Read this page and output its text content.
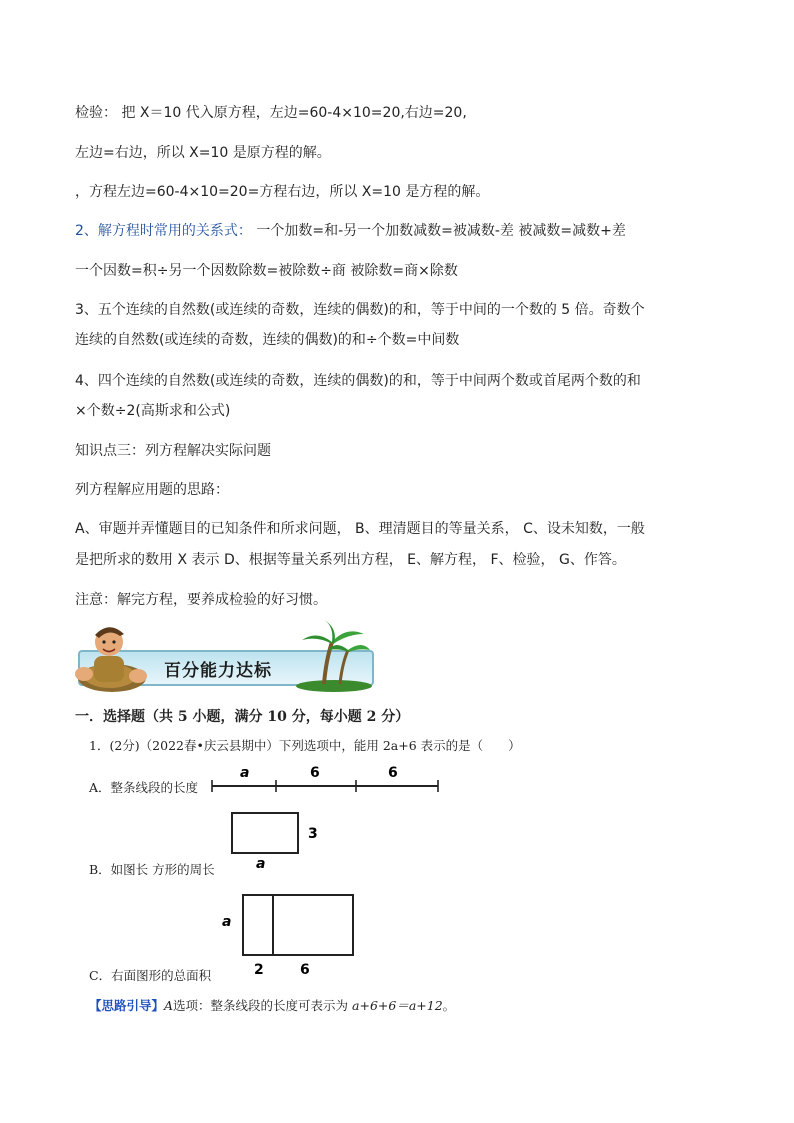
检验： 把 X＝10 代入原方程，左边=60-4×10=20,右边=20,
左边=右边，所以 X=10 是原方程的解。
，方程左边=60-4×10=20=方程右边，所以 X=10 是方程的解。
2、解方程时常用的关系式： 一个加数=和-另一个加数减数=被减数-差 被减数=减数+差
一个因数=积÷另一个因数除数=被除数÷商 被除数=商×除数
3、五个连续的自然数(或连续的奇数，连续的偶数)的和，等于中间的一个数的 5 倍。奇数个
连续的自然数(或连续的奇数，连续的偶数)的和÷个数=中间数
4、四个连续的自然数(或连续的奇数，连续的偶数)的和，等于中间两个数或首尾两个数的和
×个数÷2(高斯求和公式)
知识点三：列方程解决实际问题
列方程解应用题的思路：
A、审题并弄懂题目的已知条件和所求问题， B、理清题目的等量关系， C、设未知数，一般
是把所求的数用 X 表示 D、根据等量关系列出方程， E、解方程， F、检验， G、作答。
注意：解完方程，要养成检验的好习惯。
百分能力达标
一．选择题（共 5 小题，满分 10 分，每小题 2 分）
1．(2分)（2022春•庆云县期中）下列选项中，能用 2a+6 表示的是（　　）
A．整条线段的长度
a	6	6
3
a
B．如图长 方形的周长
a
2	6
C．右面图形的总面积
【思路引导】A选项：整条线段的长度可表示为 a+6+6＝a+12。
